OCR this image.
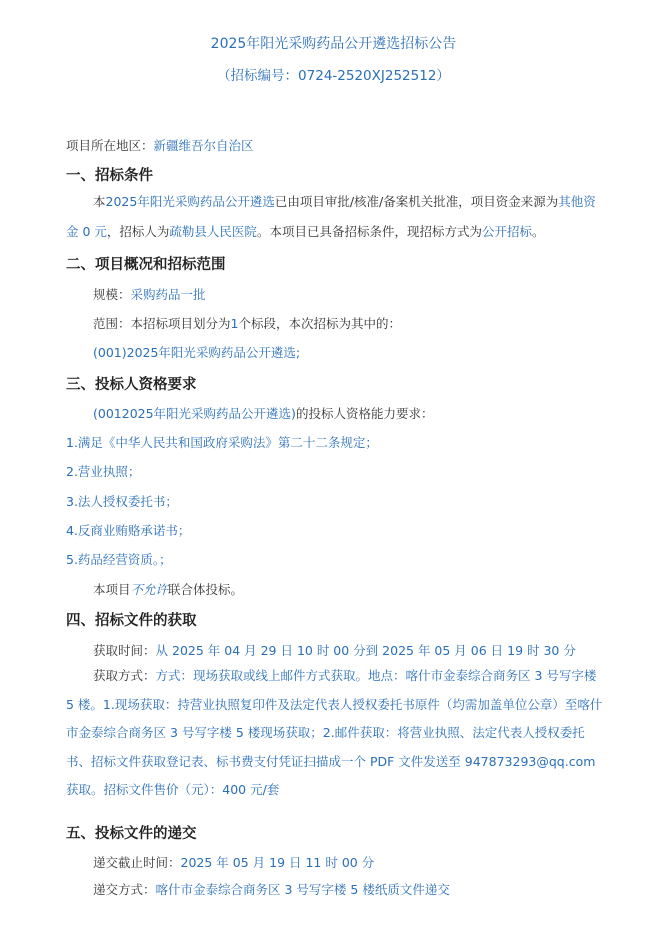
2025年阳光采购药品公开遴选招标公告
（招标编号：0724-2520XJ252512）
项目所在地区：新疆维吾尔自治区
一、招标条件
本2025年阳光采购药品公开遴选已由项目审批/核准/备案机关批准，项目资金来源为其他资金 0 元，招标人为疏勒县人民医院。本项目已具备招标条件，现招标方式为公开招标。
二、项目概况和招标范围
规模：采购药品一批
范围：本招标项目划分为1个标段，本次招标为其中的：
(001)2025年阳光采购药品公开遴选;
三、投标人资格要求
(0012025年阳光采购药品公开遴选)的投标人资格能力要求：
1.满足《中华人民共和国政府采购法》第二十二条规定；
2.营业执照；
3.法人授权委托书；
4.反商业贿赂承诺书；
5.药品经营资质。；
本项目不允许联合体投标。
四、招标文件的获取
获取时间：从 2025 年 04 月 29 日 10 时 00 分到 2025 年 05 月 06 日 19 时 30 分
获取方式：方式：现场获取或线上邮件方式获取。地点：喀什市金泰综合商务区 3 号写字楼 5 楼。1.现场获取：持营业执照复印件及法定代表人授权委托书原件（均需加盖单位公章）至喀什市金泰综合商务区 3 号写字楼 5 楼现场获取；2.邮件获取：将营业执照、法定代表人授权委托书、招标文件获取登记表、标书费支付凭证扫描成一个 PDF 文件发送至 947873293@qq.com 获取。招标文件售价（元）：400 元/套
五、投标文件的递交
递交截止时间：2025 年 05 月 19 日 11 时 00 分
递交方式：喀什市金泰综合商务区 3 号写字楼 5 楼纸质文件递交
